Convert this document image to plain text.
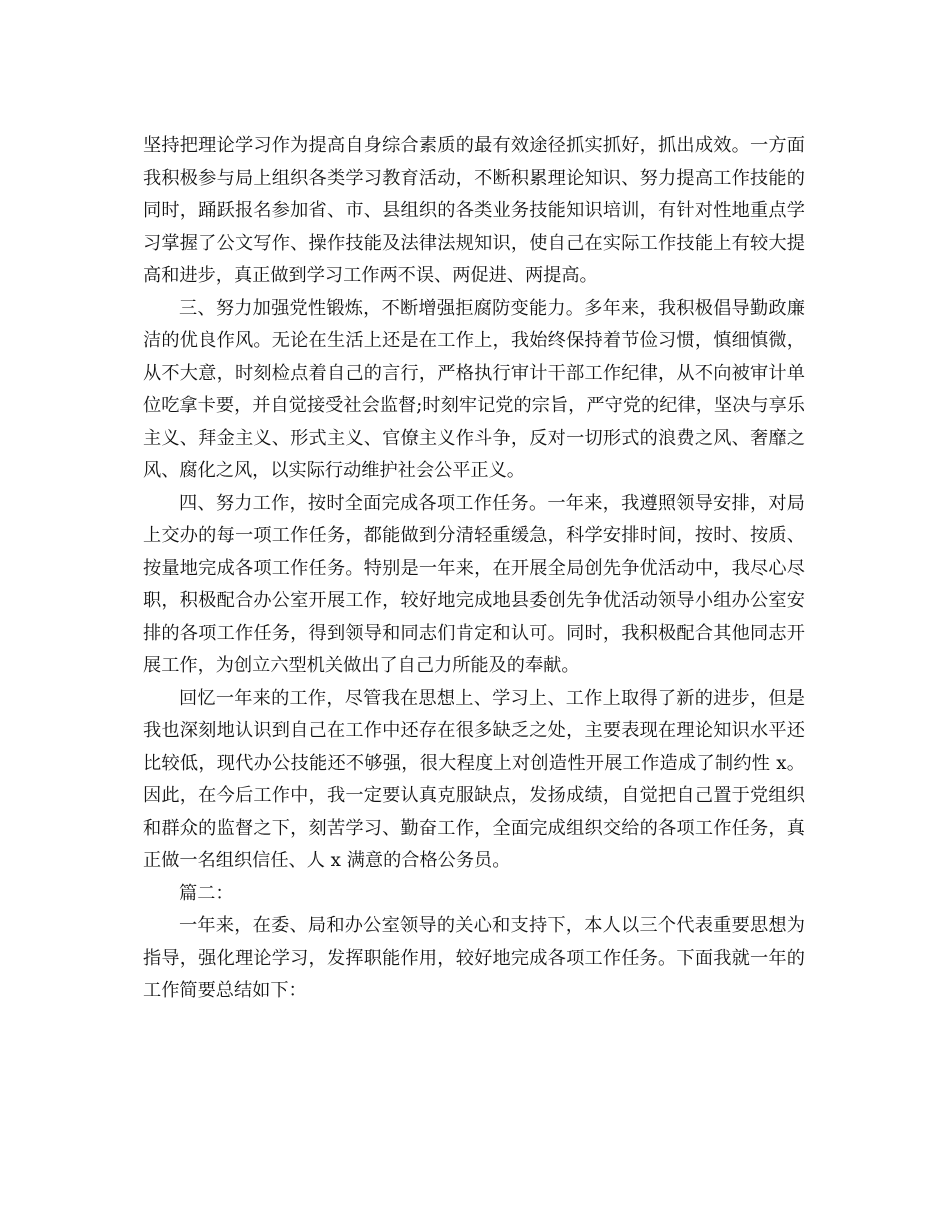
坚持把理论学习作为提高自身综合素质的最有效途径抓实抓好，抓出成效。一方面我积极参与局上组织各类学习教育活动，不断积累理论知识、努力提高工作技能的同时，踊跃报名参加省、市、县组织的各类业务技能知识培训，有针对性地重点学习掌握了公文写作、操作技能及法律法规知识，使自己在实际工作技能上有较大提高和进步，真正做到学习工作两不误、两促进、两提高。

三、努力加强党性锻炼，不断增强拒腐防变能力。多年来，我积极倡导勤政廉洁的优良作风。无论在生活上还是在工作上，我始终保持着节俭习惯，慎细慎微，从不大意，时刻检点着自己的言行，严格执行审计干部工作纪律，从不向被审计单位吃拿卡要，并自觉接受社会监督;时刻牢记党的宗旨，严守党的纪律，坚决与享乐主义、拜金主义、形式主义、官僚主义作斗争，反对一切形式的浪费之风、奢靡之风、腐化之风，以实际行动维护社会公平正义。

四、努力工作，按时全面完成各项工作任务。一年来，我遵照领导安排，对局上交办的每一项工作任务，都能做到分清轻重缓急，科学安排时间，按时、按质、按量地完成各项工作任务。特别是一年来，在开展全局创先争优活动中，我尽心尽职，积极配合办公室开展工作，较好地完成地县委创先争优活动领导小组办公室安排的各项工作任务，得到领导和同志们肯定和认可。同时，我积极配合其他同志开展工作，为创立六型机关做出了自己力所能及的奉献。

回忆一年来的工作，尽管我在思想上、学习上、工作上取得了新的进步，但是我也深刻地认识到自己在工作中还存在很多缺乏之处，主要表现在理论知识水平还比较低，现代办公技能还不够强，很大程度上对创造性开展工作造成了制约性 x。因此，在今后工作中，我一定要认真克服缺点，发扬成绩，自觉把自己置于党组织和群众的监督之下，刻苦学习、勤奋工作，全面完成组织交给的各项工作任务，真正做一名组织信任、人 x 满意的合格公务员。

篇二：

一年来，在委、局和办公室领导的关心和支持下，本人以三个代表重要思想为指导，强化理论学习，发挥职能作用，较好地完成各项工作任务。下面我就一年的工作简要总结如下：
